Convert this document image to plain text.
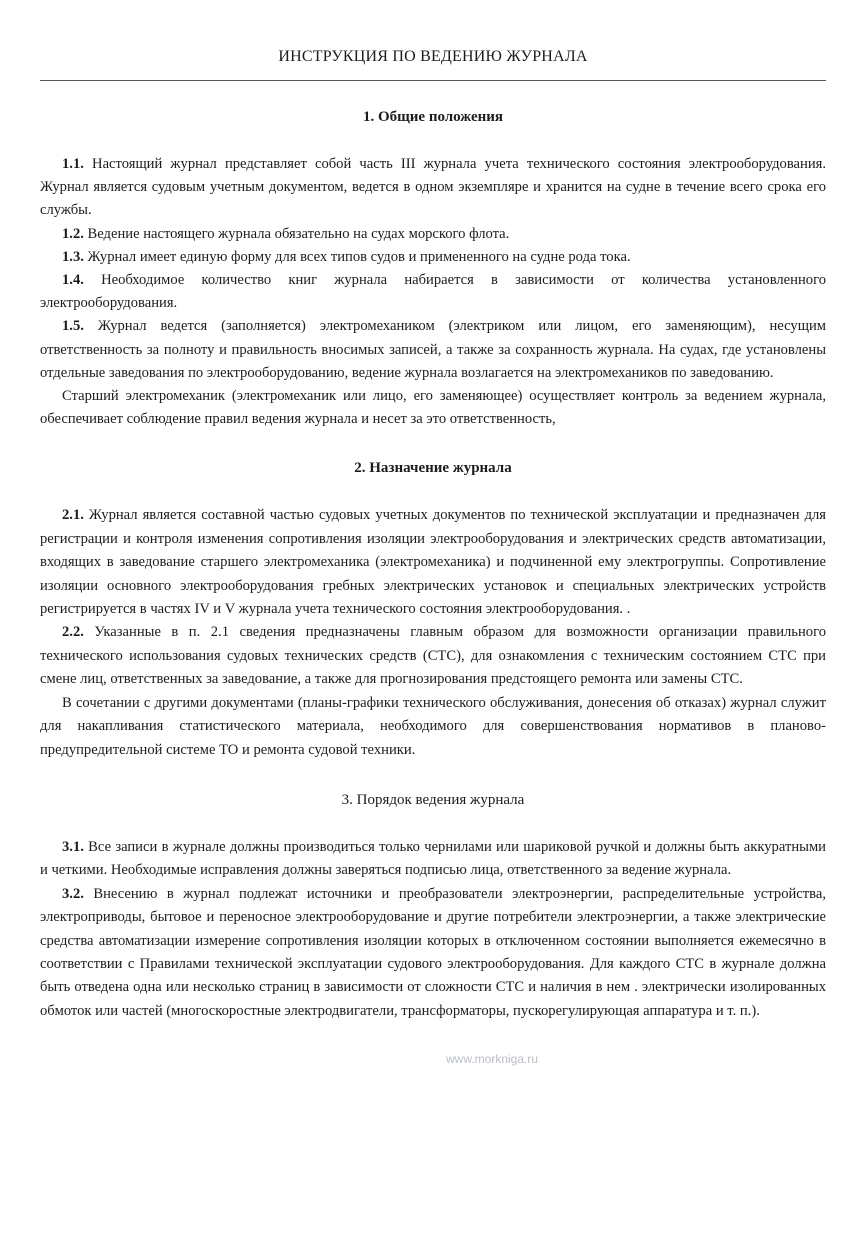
ИНСТРУКЦИЯ ПО ВЕДЕНИЮ ЖУРНАЛА
1. Общие положения

1.1. Настоящий журнал представляет собой часть III журнала учета технического состояния электрооборудования. Журнал является судовым учетным документом, ведется в одном экземпляре и хранится на судне в течение всего срока его службы.

1.2. Ведение настоящего журнала обязательно на судах морского флота.

1.3. Журнал имеет единую форму для всех типов судов и примененного на судне рода тока.

1.4. Необходимое количество книг журнала набирается в зависимости от количества установленного электрооборудования.

1.5. Журнал ведется (заполняется) электромехаником (электриком или лицом, его заменяющим), несущим ответственность за полноту и правильность вносимых записей, а также за сохранность журнала. На судах, где установлены отдельные заведования по электрооборудованию, ведение журнала возлагается на электромехаников по заведованию.

Старший электромеханик (электромеханик или лицо, его заменяющее) осуществляет контроль за ведением журнала, обеспечивает соблюдение правил ведения журнала и несет за это ответственность,

2. Назначение журнала

2.1. Журнал является составной частью судовых учетных документов по технической эксплуатации и предназначен для регистрации и контроля изменения сопротивления изоляции электрооборудования и электрических средств автоматизации, входящих в заведование старшего электромеханика (электромеханика) и подчиненной ему электрогруппы. Сопротивление изоляции основного электрооборудования гребных электрических установок и специальных электрических устройств регистрируется в частях IV и V журнала учета технического состояния электрооборудования. .

2.2. Указанные в п. 2.1 сведения предназначены главным образом для возможности организации правильного технического использования судовых технических средств (СТС), для ознакомления с техническим состоянием СТС при смене лиц, ответственных за заведование, а также для прогнозирования предстоящего ремонта или замены СТС.

В сочетании с другими документами (планы-графики технического обслуживания, донесения об отказах) журнал служит для накапливания статистического материала, необходимого для совершенствования нормативов в планово-предупредительной системе ТО и ремонта судовой техники.

3. Порядок ведения журнала

3.1. Все записи в журнале должны производиться только чернилами или шариковой ручкой и должны быть аккуратными и четкими. Необходимые исправления должны заверяться подписью лица, ответственного за ведение журнала.

3.2. Внесению в журнал подлежат источники и преобразователи электроэнергии, распределительные устройства, электроприводы, бытовое и переносное электрооборудование и другие потребители электроэнергии, а также электрические средства автоматизации измерение сопротивления изоляции которых в отключенном состоянии выполняется ежемесячно в соответствии с Правилами технической эксплуатации судового электрооборудования. Для каждого СТС в журнале должна быть отведена одна или несколько страниц в зависимости от сложности СТС и наличия в нем . электрически изолированных обмоток или частей (многоскоростные электродвигатели, трансформаторы, пускорегулирующая аппаратура и т. п.).

www.morkniga.ru
